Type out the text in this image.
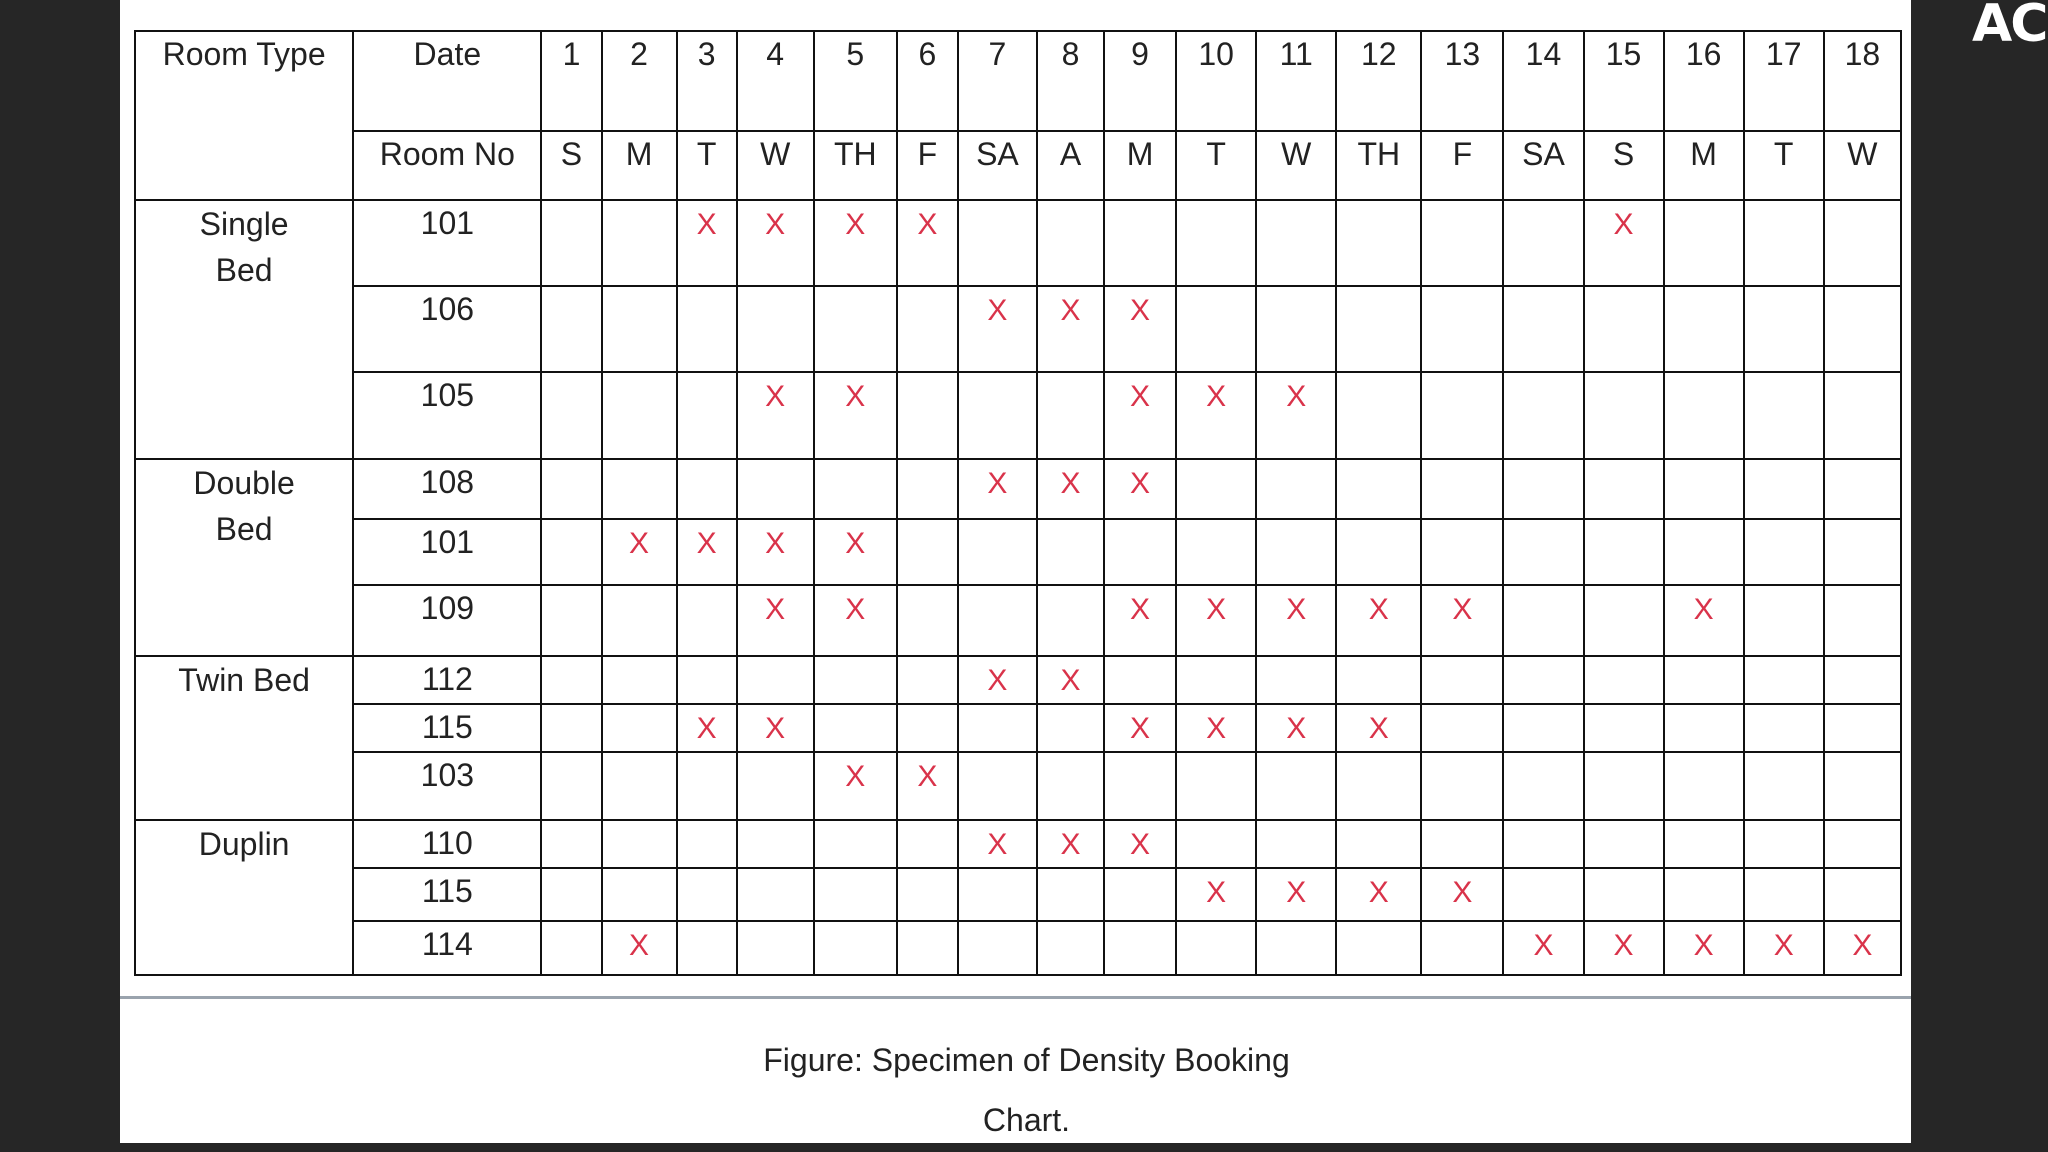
Room Type	Date	1	2	3	4	5	6	7	8	9	10	11	12	13	14	15	16	17	18
	Room No	S	M	T	W	TH	F	SA	A	M	T	W	TH	F	SA	S	M	T	W
Single Bed	101			X	X	X	X									X			
	106							X	X	X									
	105				X	X				X	X	X							
Double Bed	108							X	X	X									
	101		X	X	X	X													
	109				X	X				X	X	X	X	X			X		
Twin Bed	112							X	X										
	115			X	X					X	X	X	X						
	103					X	X												
Duplin	110							X	X	X									
	115										X	X	X	X					
	114		X												X	X	X	X	X
Figure: Specimen of Density Booking
Chart.
AC
